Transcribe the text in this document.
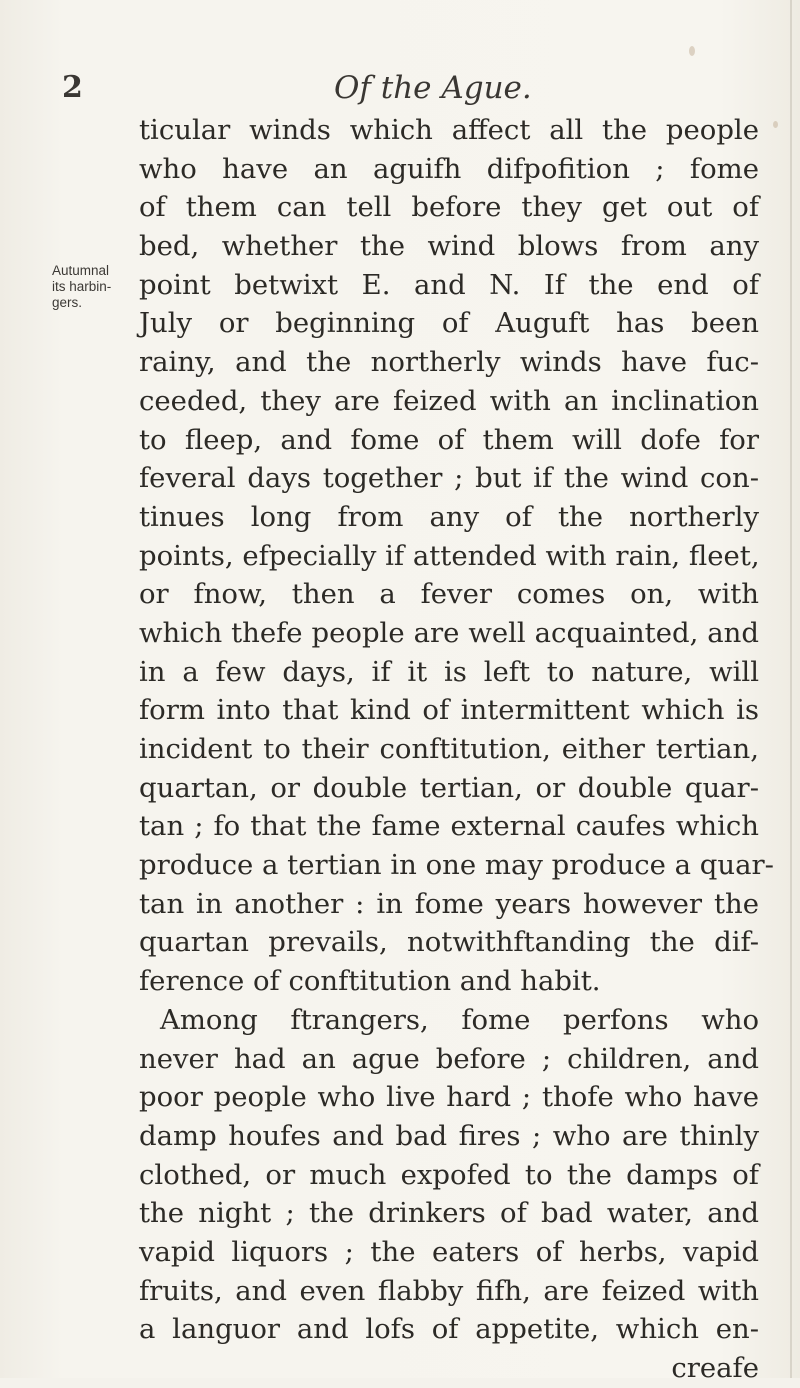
2	Of the Ague.
Autumnal
its harbin-
gers.
ticular winds which affect all the people
who have an aguifh difpofition ; fome
of them can tell before they get out of
bed, whether the wind blows from any
point betwixt E. and N. If the end of
July or beginning of Auguft has been
rainy, and the northerly winds have fuc-
ceeded, they are feized with an inclination
to fleep, and fome of them will dofe for
feveral days together ; but if the wind con-
tinues long from any of the northerly
points, efpecially if attended with rain, fleet,
or fnow, then a fever comes on, with
which thefe people are well acquainted, and
in a few days, if it is left to nature, will
form into that kind of intermittent which is
incident to their conftitution, either tertian,
quartan, or double tertian, or double quar-
tan ; fo that the fame external caufes which
produce a tertian in one may produce a quar-
tan in another : in fome years however the
quartan prevails, notwithftanding the dif-
ference of conftitution and habit.
Among ftrangers, fome perfons who
never had an ague before ; children, and
poor people who live hard ; thofe who have
damp houfes and bad fires ; who are thinly
clothed, or much expofed to the damps of
the night ; the drinkers of bad water, and
vapid liquors ; the eaters of herbs, vapid
fruits, and even flabby fifh, are feized with
a languor and lofs of appetite, which en-
creafe
